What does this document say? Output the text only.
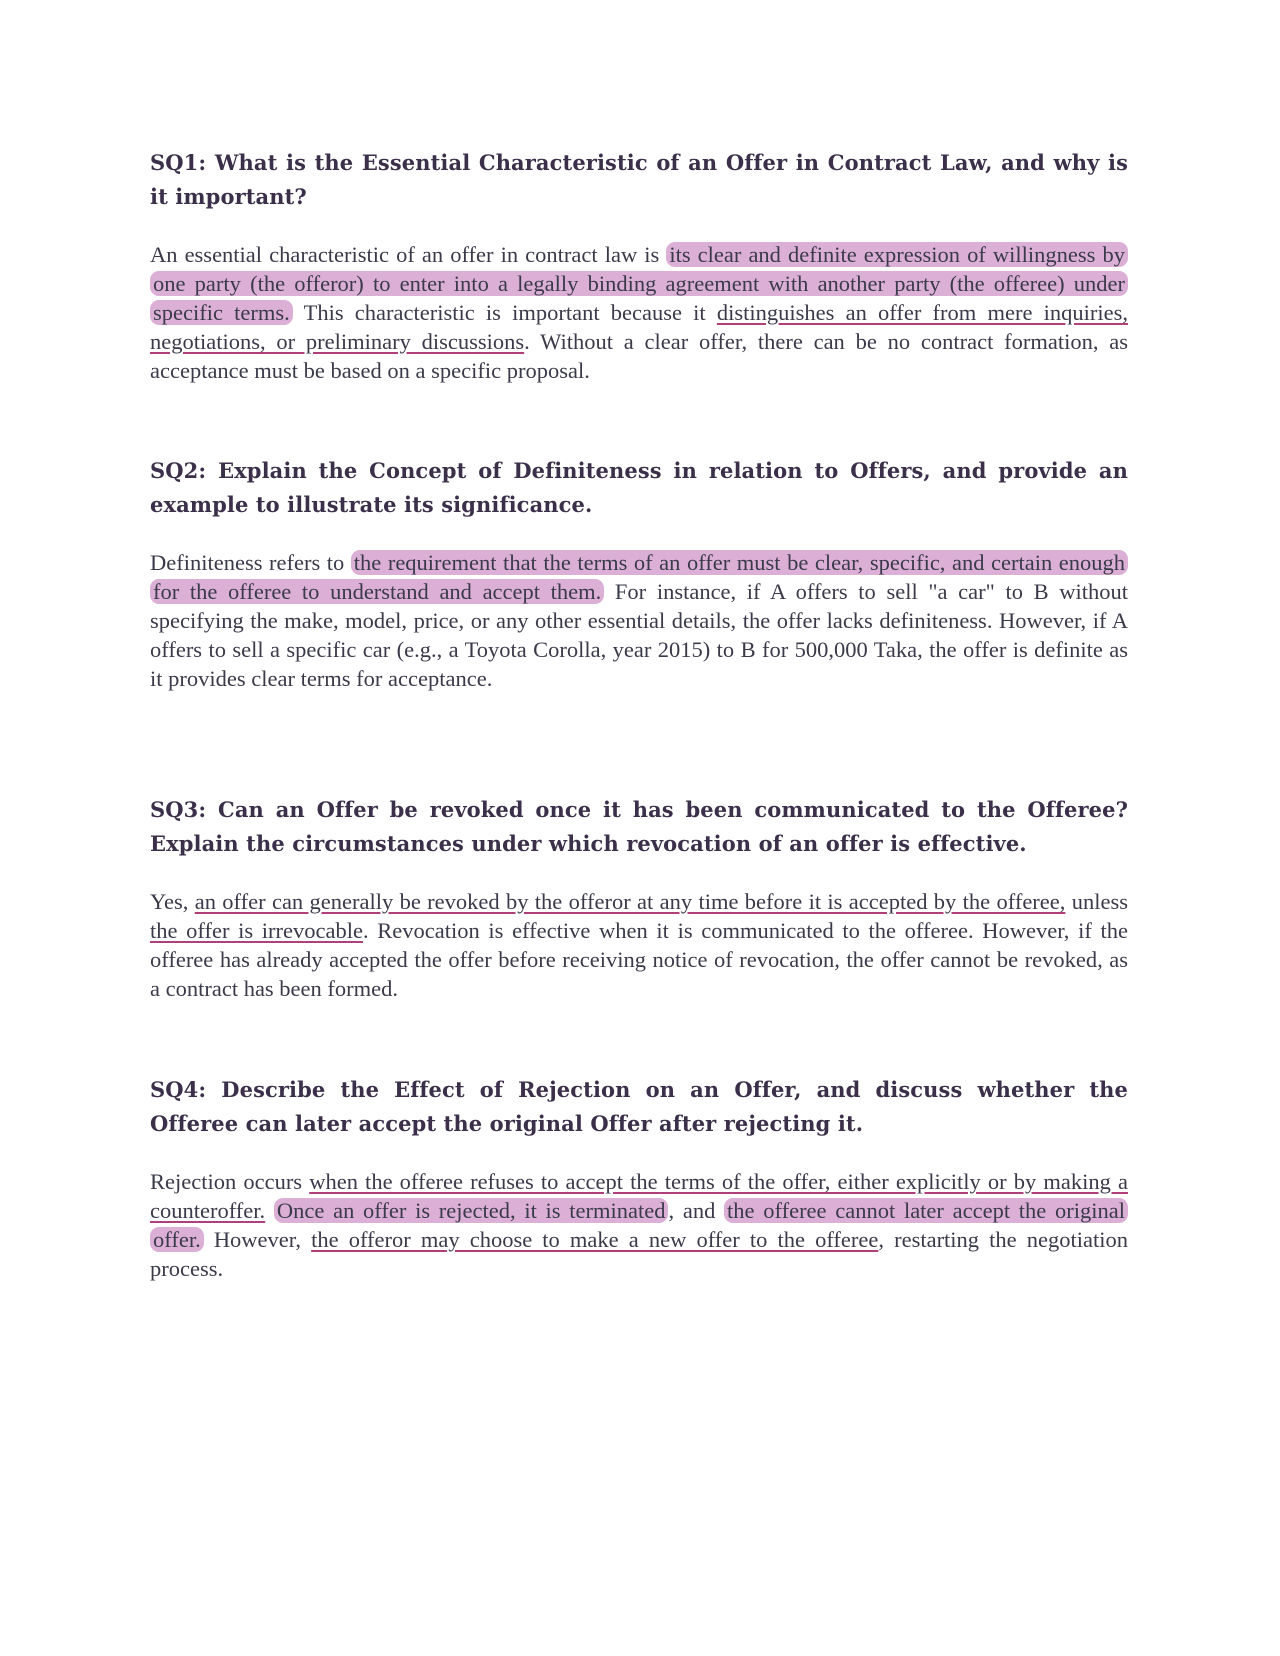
SQ1: What is the Essential Characteristic of an Offer in Contract Law, and why is it important?

An essential characteristic of an offer in contract law is its clear and definite expression of willingness by one party (the offeror) to enter into a legally binding agreement with another party (the offeree) under specific terms. This characteristic is important because it distinguishes an offer from mere inquiries, negotiations, or preliminary discussions. Without a clear offer, there can be no contract formation, as acceptance must be based on a specific proposal.

SQ2: Explain the Concept of Definiteness in relation to Offers, and provide an example to illustrate its significance.

Definiteness refers to the requirement that the terms of an offer must be clear, specific, and certain enough for the offeree to understand and accept them. For instance, if A offers to sell "a car" to B without specifying the make, model, price, or any other essential details, the offer lacks definiteness. However, if A offers to sell a specific car (e.g., a Toyota Corolla, year 2015) to B for 500,000 Taka, the offer is definite as it provides clear terms for acceptance.

SQ3: Can an Offer be revoked once it has been communicated to the Offeree? Explain the circumstances under which revocation of an offer is effective.

Yes, an offer can generally be revoked by the offeror at any time before it is accepted by the offeree, unless the offer is irrevocable. Revocation is effective when it is communicated to the offeree. However, if the offeree has already accepted the offer before receiving notice of revocation, the offer cannot be revoked, as a contract has been formed.

SQ4: Describe the Effect of Rejection on an Offer, and discuss whether the Offeree can later accept the original Offer after rejecting it.

Rejection occurs when the offeree refuses to accept the terms of the offer, either explicitly or by making a counteroffer. Once an offer is rejected, it is terminated , and the offeree cannot later accept the original offer. However, the offeror may choose to make a new offer to the offeree, restarting the negotiation process.
